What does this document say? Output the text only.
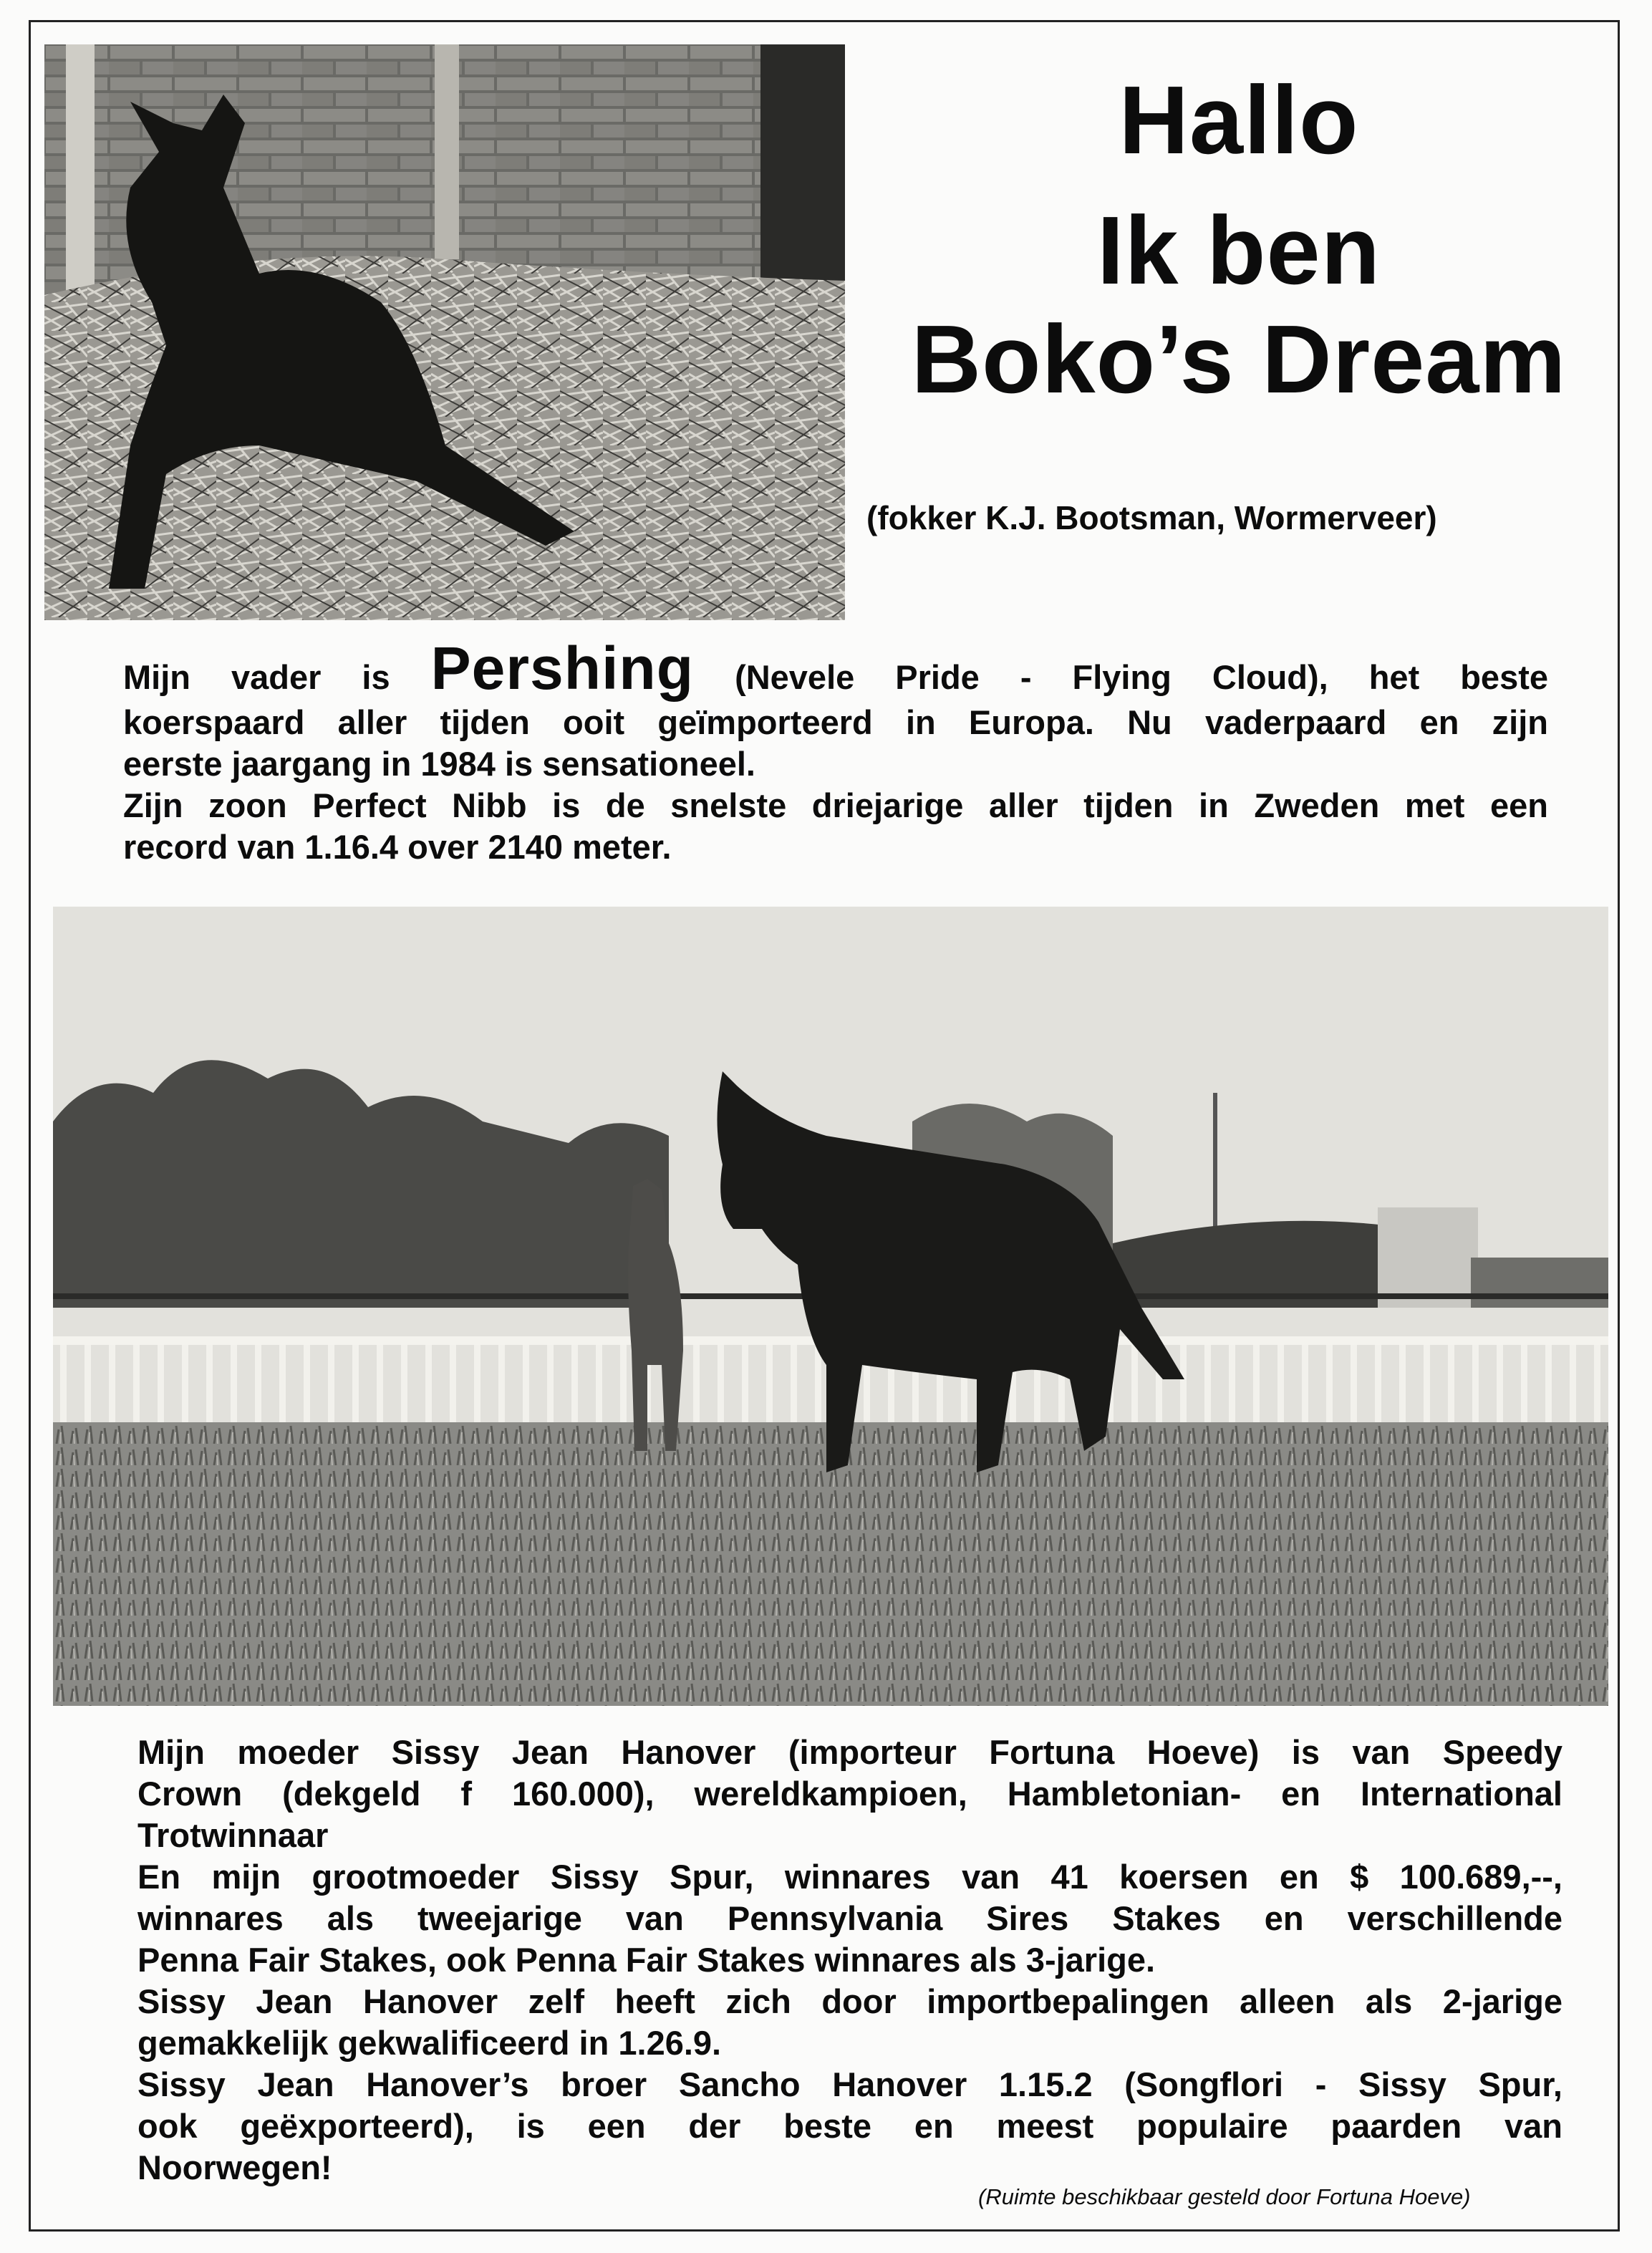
Hallo
Ik ben
Boko’s Dream
(fokker K.J. Bootsman, Wormerveer)
Mijn vader is Pershing (Nevele Pride - Flying Cloud), het beste
koerspaard aller tijden ooit geïmporteerd in Europa. Nu vaderpaard en zijn
eerste jaargang in 1984 is sensationeel.
Zijn zoon Perfect Nibb is de snelste driejarige aller tijden in Zweden met een
record van 1.16.4 over 2140 meter.
Mijn moeder Sissy Jean Hanover (importeur Fortuna Hoeve) is van Speedy
Crown (dekgeld f 160.000), wereldkampioen, Hambletonian- en International
Trotwinnaar
En mijn grootmoeder Sissy Spur, winnares van 41 koersen en $ 100.689,--,
winnares als tweejarige van Pennsylvania Sires Stakes en verschillende
Penna Fair Stakes, ook Penna Fair Stakes winnares als 3-jarige.
Sissy Jean Hanover zelf heeft zich door importbepalingen alleen als 2-jarige
gemakkelijk gekwalificeerd in 1.26.9.
Sissy Jean Hanover’s broer Sancho Hanover 1.15.2 (Songflori - Sissy Spur,
ook geëxporteerd), is een der beste en meest populaire paarden van
Noorwegen!
(Ruimte beschikbaar gesteld door Fortuna Hoeve)
